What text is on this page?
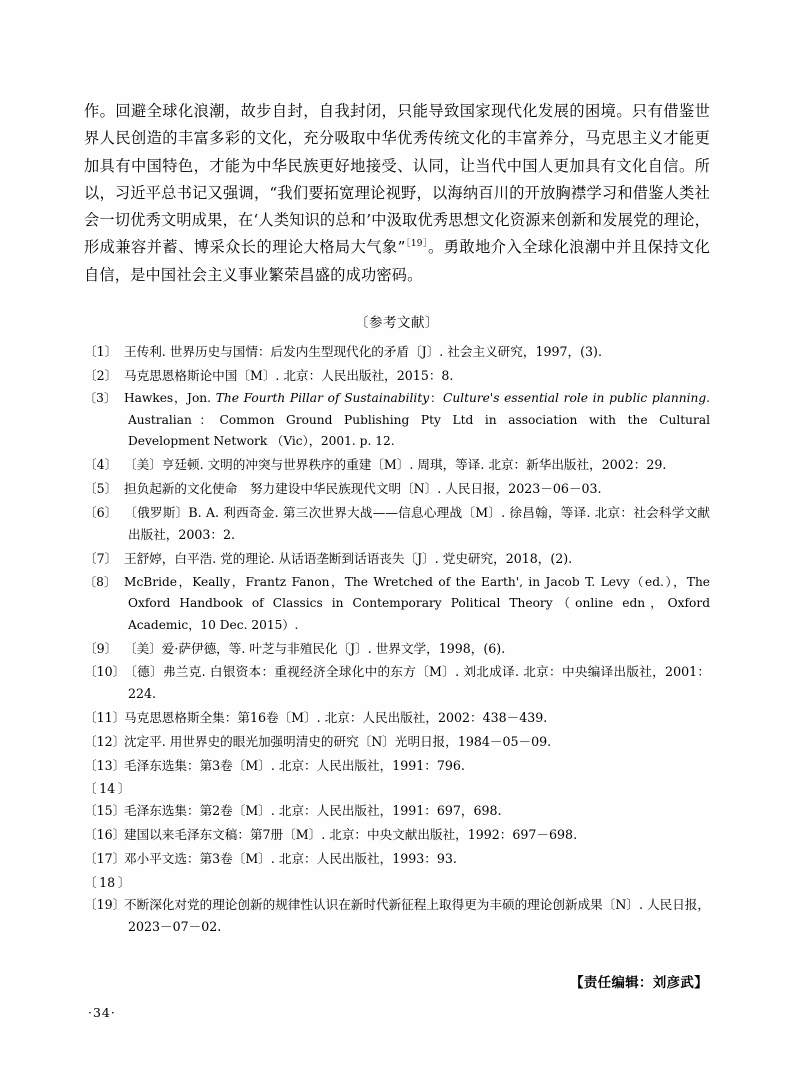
作。回避全球化浪潮，故步自封，自我封闭，只能导致国家现代化发展的困境。只有借鉴世界人民创造的丰富多彩的文化，充分吸取中华优秀传统文化的丰富养分，马克思主义才能更加具有中国特色，才能为中华民族更好地接受、认同，让当代中国人更加具有文化自信。所以，习近平总书记又强调，“我们要拓宽理论视野，以海纳百川的开放胸襟学习和借鉴人类社会一切优秀文明成果，在‘人类知识的总和’中汲取优秀思想文化资源来创新和发展党的理论，形成兼容并蓄、博采众长的理论大格局大气象”$^{[19]}$。勇敢地介入全球化浪潮中并且保持文化自信，是中国社会主义事业繁荣昌盛的成功密码。

〔参考文献〕
〔1〕 王传利. 世界历史与国情：后发内生型现代化的矛盾〔J〕. 社会主义研究，1997，(3).
〔2〕 马克思恩格斯论中国〔M〕. 北京：人民出版社，2015：8.
〔3〕 Hawkes，Jon. The Fourth Pillar of Sustainability：Culture's essential role in public planning. Australian：Common Ground Publishing Pty Ltd in association with the Cultural Development Network （Vic），2001. p. 12.
〔4〕 〔美〕亨廷顿. 文明的冲突与世界秩序的重建〔M〕. 周琪，等译. 北京：新华出版社，2002：29.
〔5〕 担负起新的文化使命　努力建设中华民族现代文明〔N〕. 人民日报，2023－06－03.
〔6〕 〔俄罗斯〕B. A. 利西奇金. 第三次世界大战——信息心理战〔M〕. 徐昌翰，等译. 北京：社会科学文献出版社，2003：2.
〔7〕 王舒婷，白平浩. 党的理论. 从话语垄断到话语丧失〔J〕. 党史研究，2018，(2).
〔8〕 McBride，Keally，Frantz Fanon，The Wretched of the Earth', in Jacob T. Levy（ed.），The Oxford Handbook of Classics in Contemporary Political Theory（online edn，Oxford Academic，10 Dec. 2015）.
〔9〕 〔美〕爱·萨伊德，等. 叶芝与非殖民化〔J〕. 世界文学，1998，(6).
〔10〕〔德〕弗兰克. 白银资本：重视经济全球化中的东方〔M〕. 刘北成译. 北京：中央编译出版社，2001：224.
〔11〕马克思恩格斯全集：第16卷〔M〕. 北京：人民出版社，2002：438－439.
〔12〕沈定平. 用世界史的眼光加强明清史的研究〔N〕光明日报，1984－05－09.
〔13〕毛泽东选集：第3卷〔M〕. 北京：人民出版社，1991：796.
〔14〕〔15〕毛泽东选集：第2卷〔M〕. 北京：人民出版社，1991：697，698.
〔16〕建国以来毛泽东文稿：第7册〔M〕. 北京：中央文献出版社，1992：697－698.
〔17〕邓小平文选：第3卷〔M〕. 北京：人民出版社，1993：93.
〔18〕〔19〕不断深化对党的理论创新的规律性认识在新时代新征程上取得更为丰硕的理论创新成果〔N〕. 人民日报，2023－07－02.
【责任编辑：刘彦武】
·34·
